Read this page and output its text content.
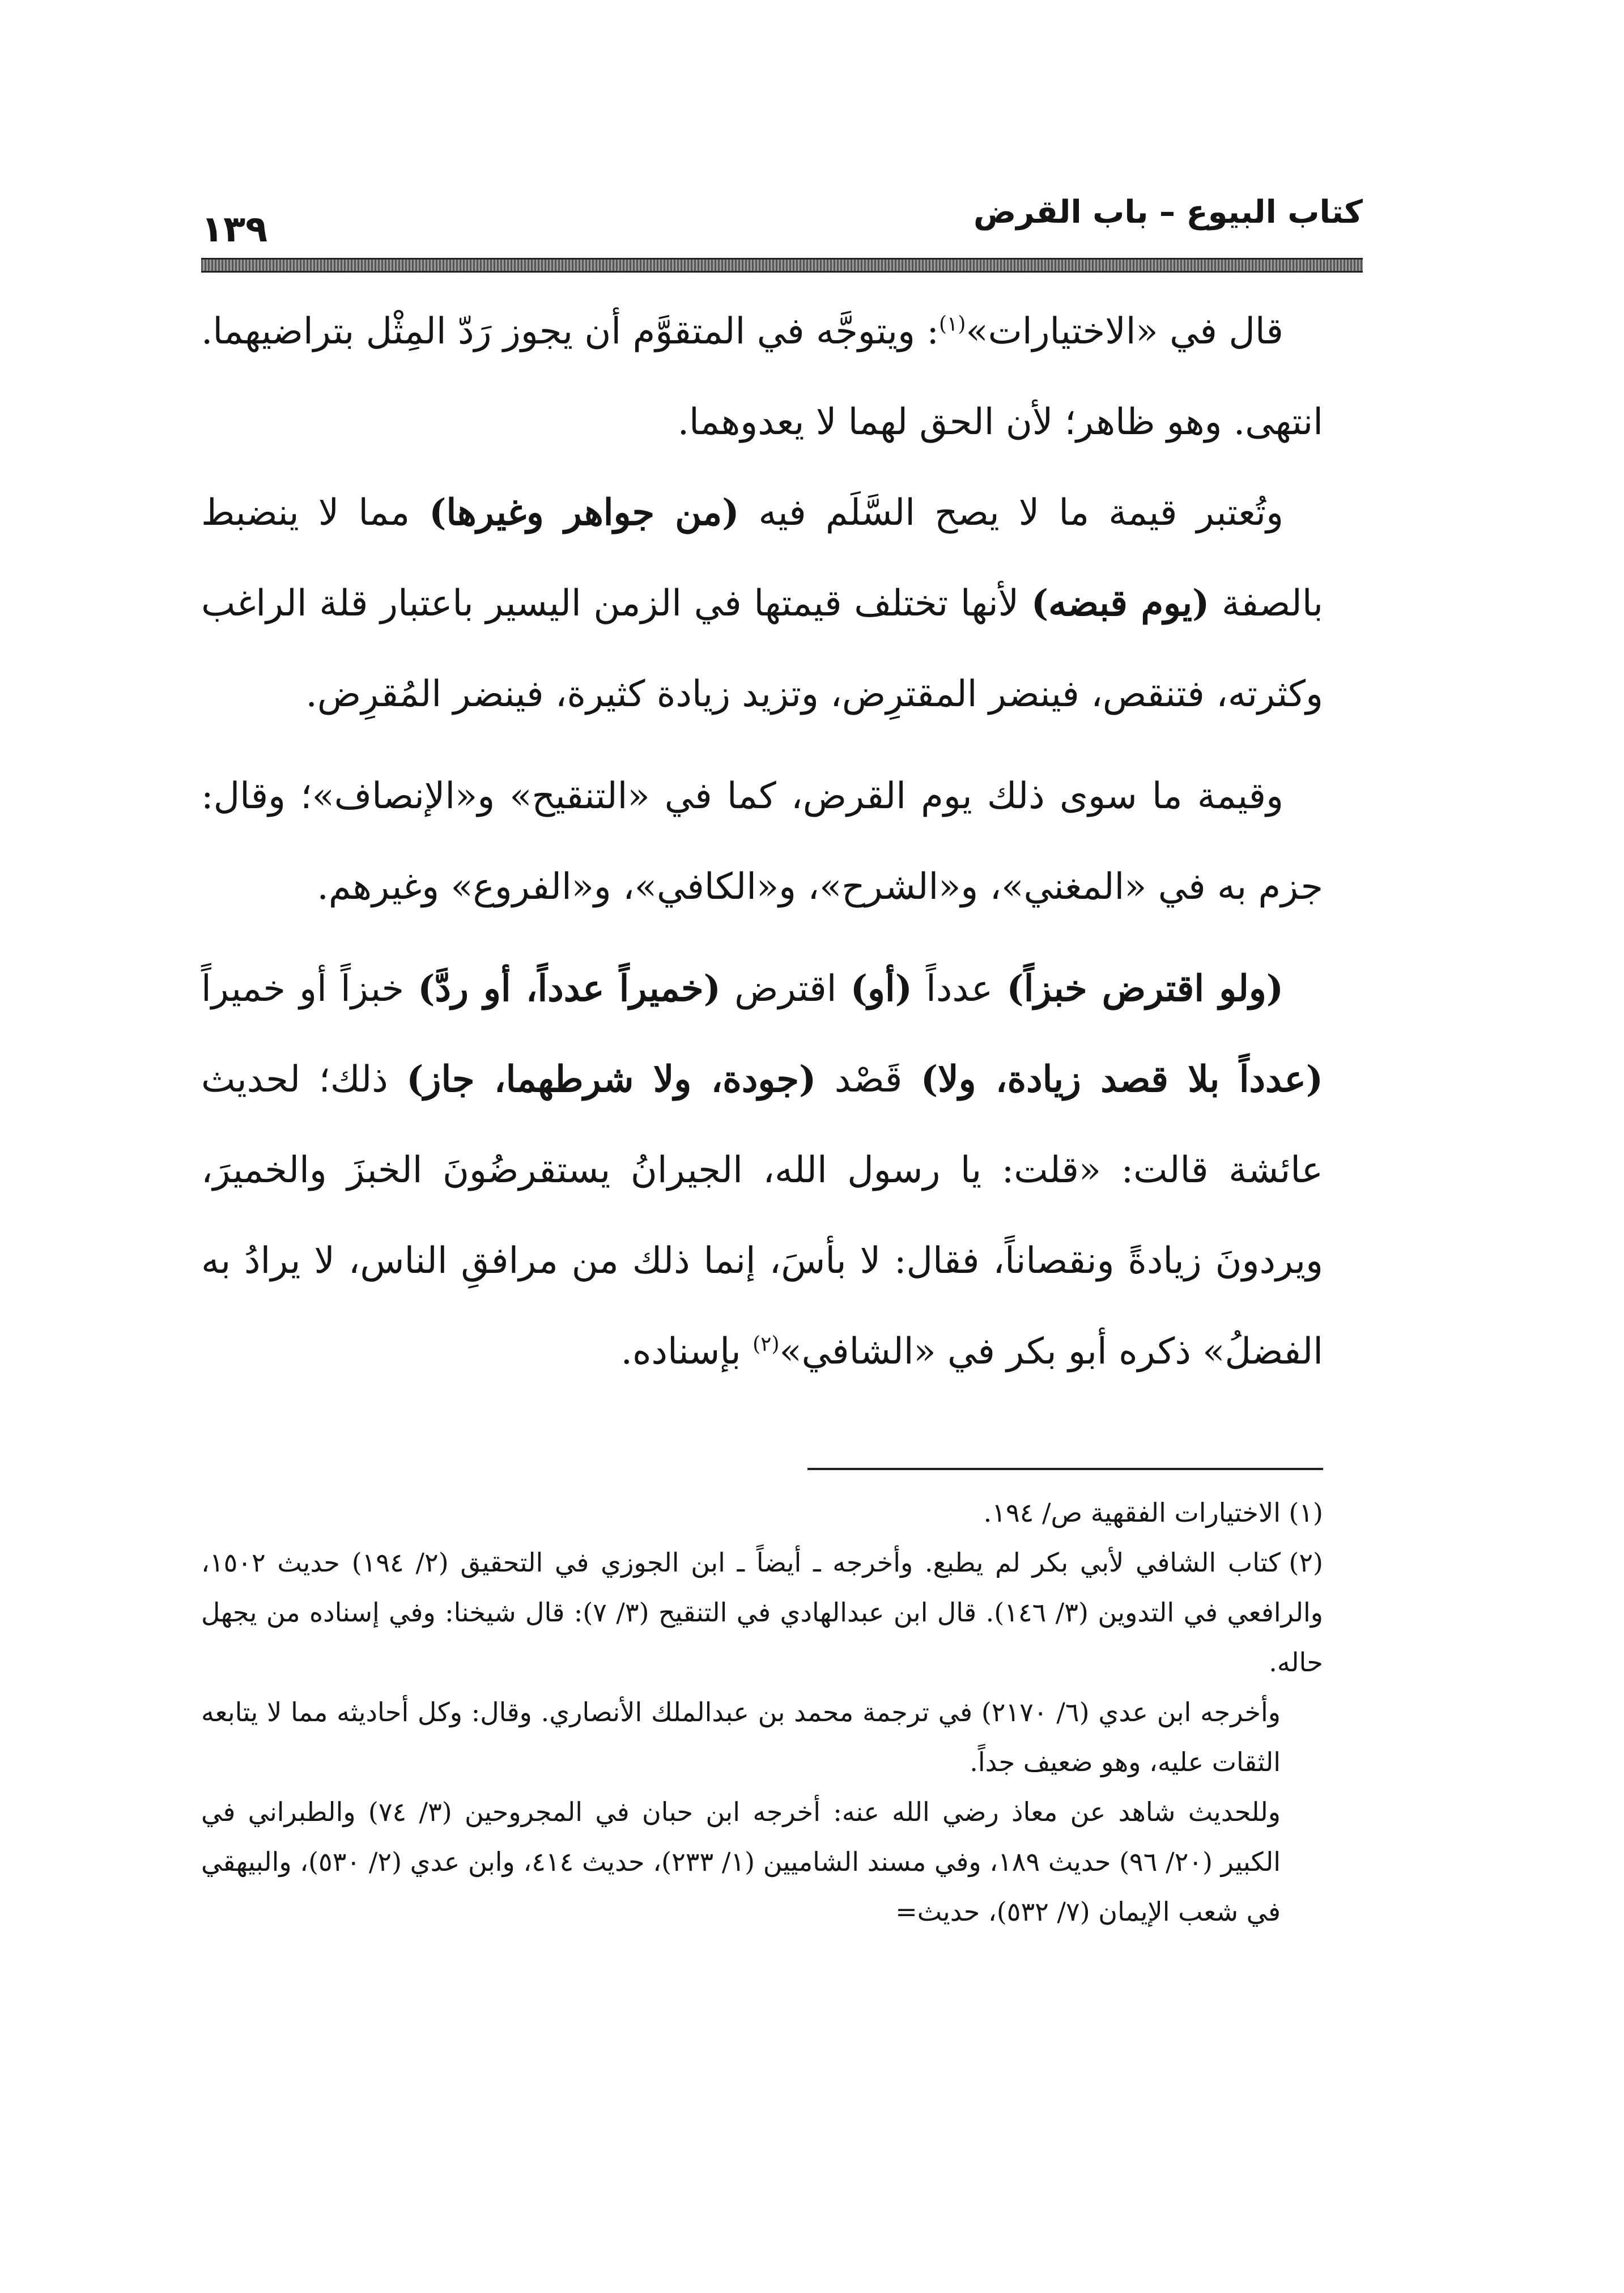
كتاب البيوع – باب القرض
١٣٩

قال في «الاختيارات»$^{(١)}$: ويتوجَّه في المتقوَّم أن يجوز رَدّ المِثْل بتراضيهما. انتهى. وهو ظاهر؛ لأن الحق لهما لا يعدوهما.

وتُعتبر قيمة ما لا يصح السَّلَم فيه (من جواهر وغيرها) مما لا ينضبط بالصفة (يوم قبضه) لأنها تختلف قيمتها في الزمن اليسير باعتبار قلة الراغب وكثرته، فتنقص، فينضر المقترِض، وتزيد زيادة كثيرة، فينضر المُقرِض.

وقيمة ما سوى ذلك يوم القرض، كما في «التنقيح» و«الإنصاف»؛ وقال: جزم به في «المغني»، و«الشرح»، و«الكافي»، و«الفروع» وغيرهم.

(ولو اقترض خبزاً) عدداً (أو) اقترض (خميراً عدداً، أو ردَّ) خبزاً أو خميراً (عدداً بلا قصد زيادة، ولا) قَصْد (جودة، ولا شرطهما، جاز) ذلك؛ لحديث عائشة قالت: «قلت: يا رسول الله، الجيرانُ يستقرضُونَ الخبزَ والخميرَ، ويردونَ زيادةً ونقصاناً، فقال: لا بأسَ، إنما ذلك من مرافقِ الناس، لا يرادُ به الفضلُ» ذكره أبو بكر في «الشافي»$^{(٢)}$ بإسناده.

(١)الاختيارات الفقهية ص/ ١٩٤.

(٢)كتاب الشافي لأبي بكر لم يطبع. وأخرجه ـ أيضاً ـ ابن الجوزي في التحقيق (٢/ ١٩٤) حديث ١٥٠٢، والرافعي في التدوين (٣/ ١٤٦). قال ابن عبدالهادي في التنقيح (٣/ ٧): قال شيخنا: وفي إسناده من يجهل حاله.

وأخرجه ابن عدي (٦/ ٢١٧٠) في ترجمة محمد بن عبدالملك الأنصاري. وقال: وكل أحاديثه مما لا يتابعه الثقات عليه، وهو ضعيف جداً.

وللحديث شاهد عن معاذ رضي الله عنه: أخرجه ابن حبان في المجروحين (٣/ ٧٤) والطبراني في الكبير (٢٠/ ٩٦) حديث ١٨٩، وفي مسند الشاميين (١/ ٢٣٣)، حديث ٤١٤، وابن عدي (٢/ ٥٣٠)، والبيهقي في شعب الإيمان (٧/ ٥٣٢)، حديث=
